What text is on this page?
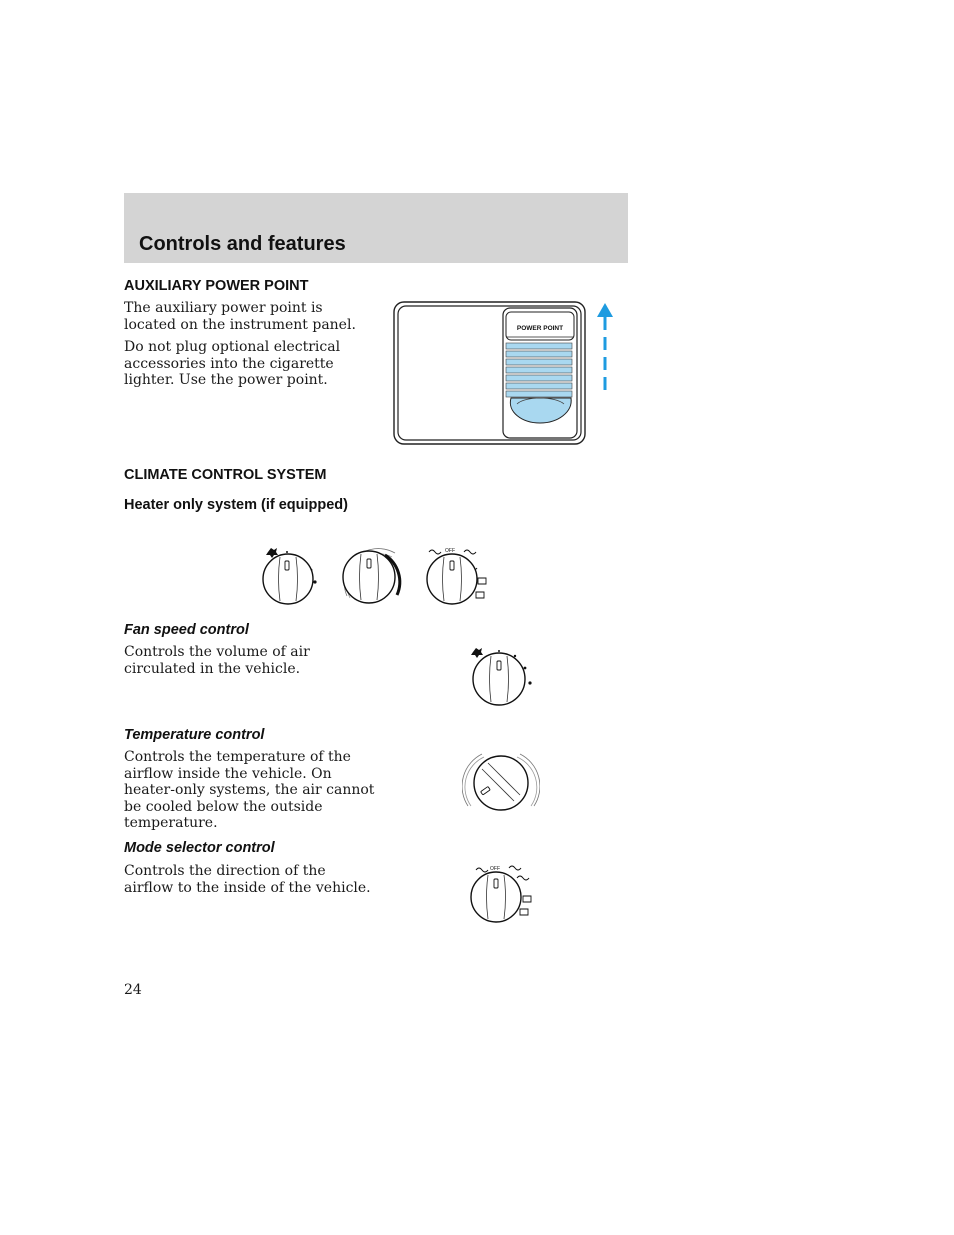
Controls and features
AUXILIARY POWER POINT

The auxiliary power point is located on the instrument panel.

Do not plug optional electrical accessories into the cigarette lighter. Use the power point.

POWER POINT
CLIMATE CONTROL SYSTEM
Heater only system (if equipped)
OFF
Fan speed control

Controls the volume of air circulated in the vehicle.

Temperature control

Controls the temperature of the airflow inside the vehicle. On heater-only systems, the air cannot be cooled below the outside temperature.

Mode selector control

Controls the direction of the airflow to the inside of the vehicle.

OFF

24
